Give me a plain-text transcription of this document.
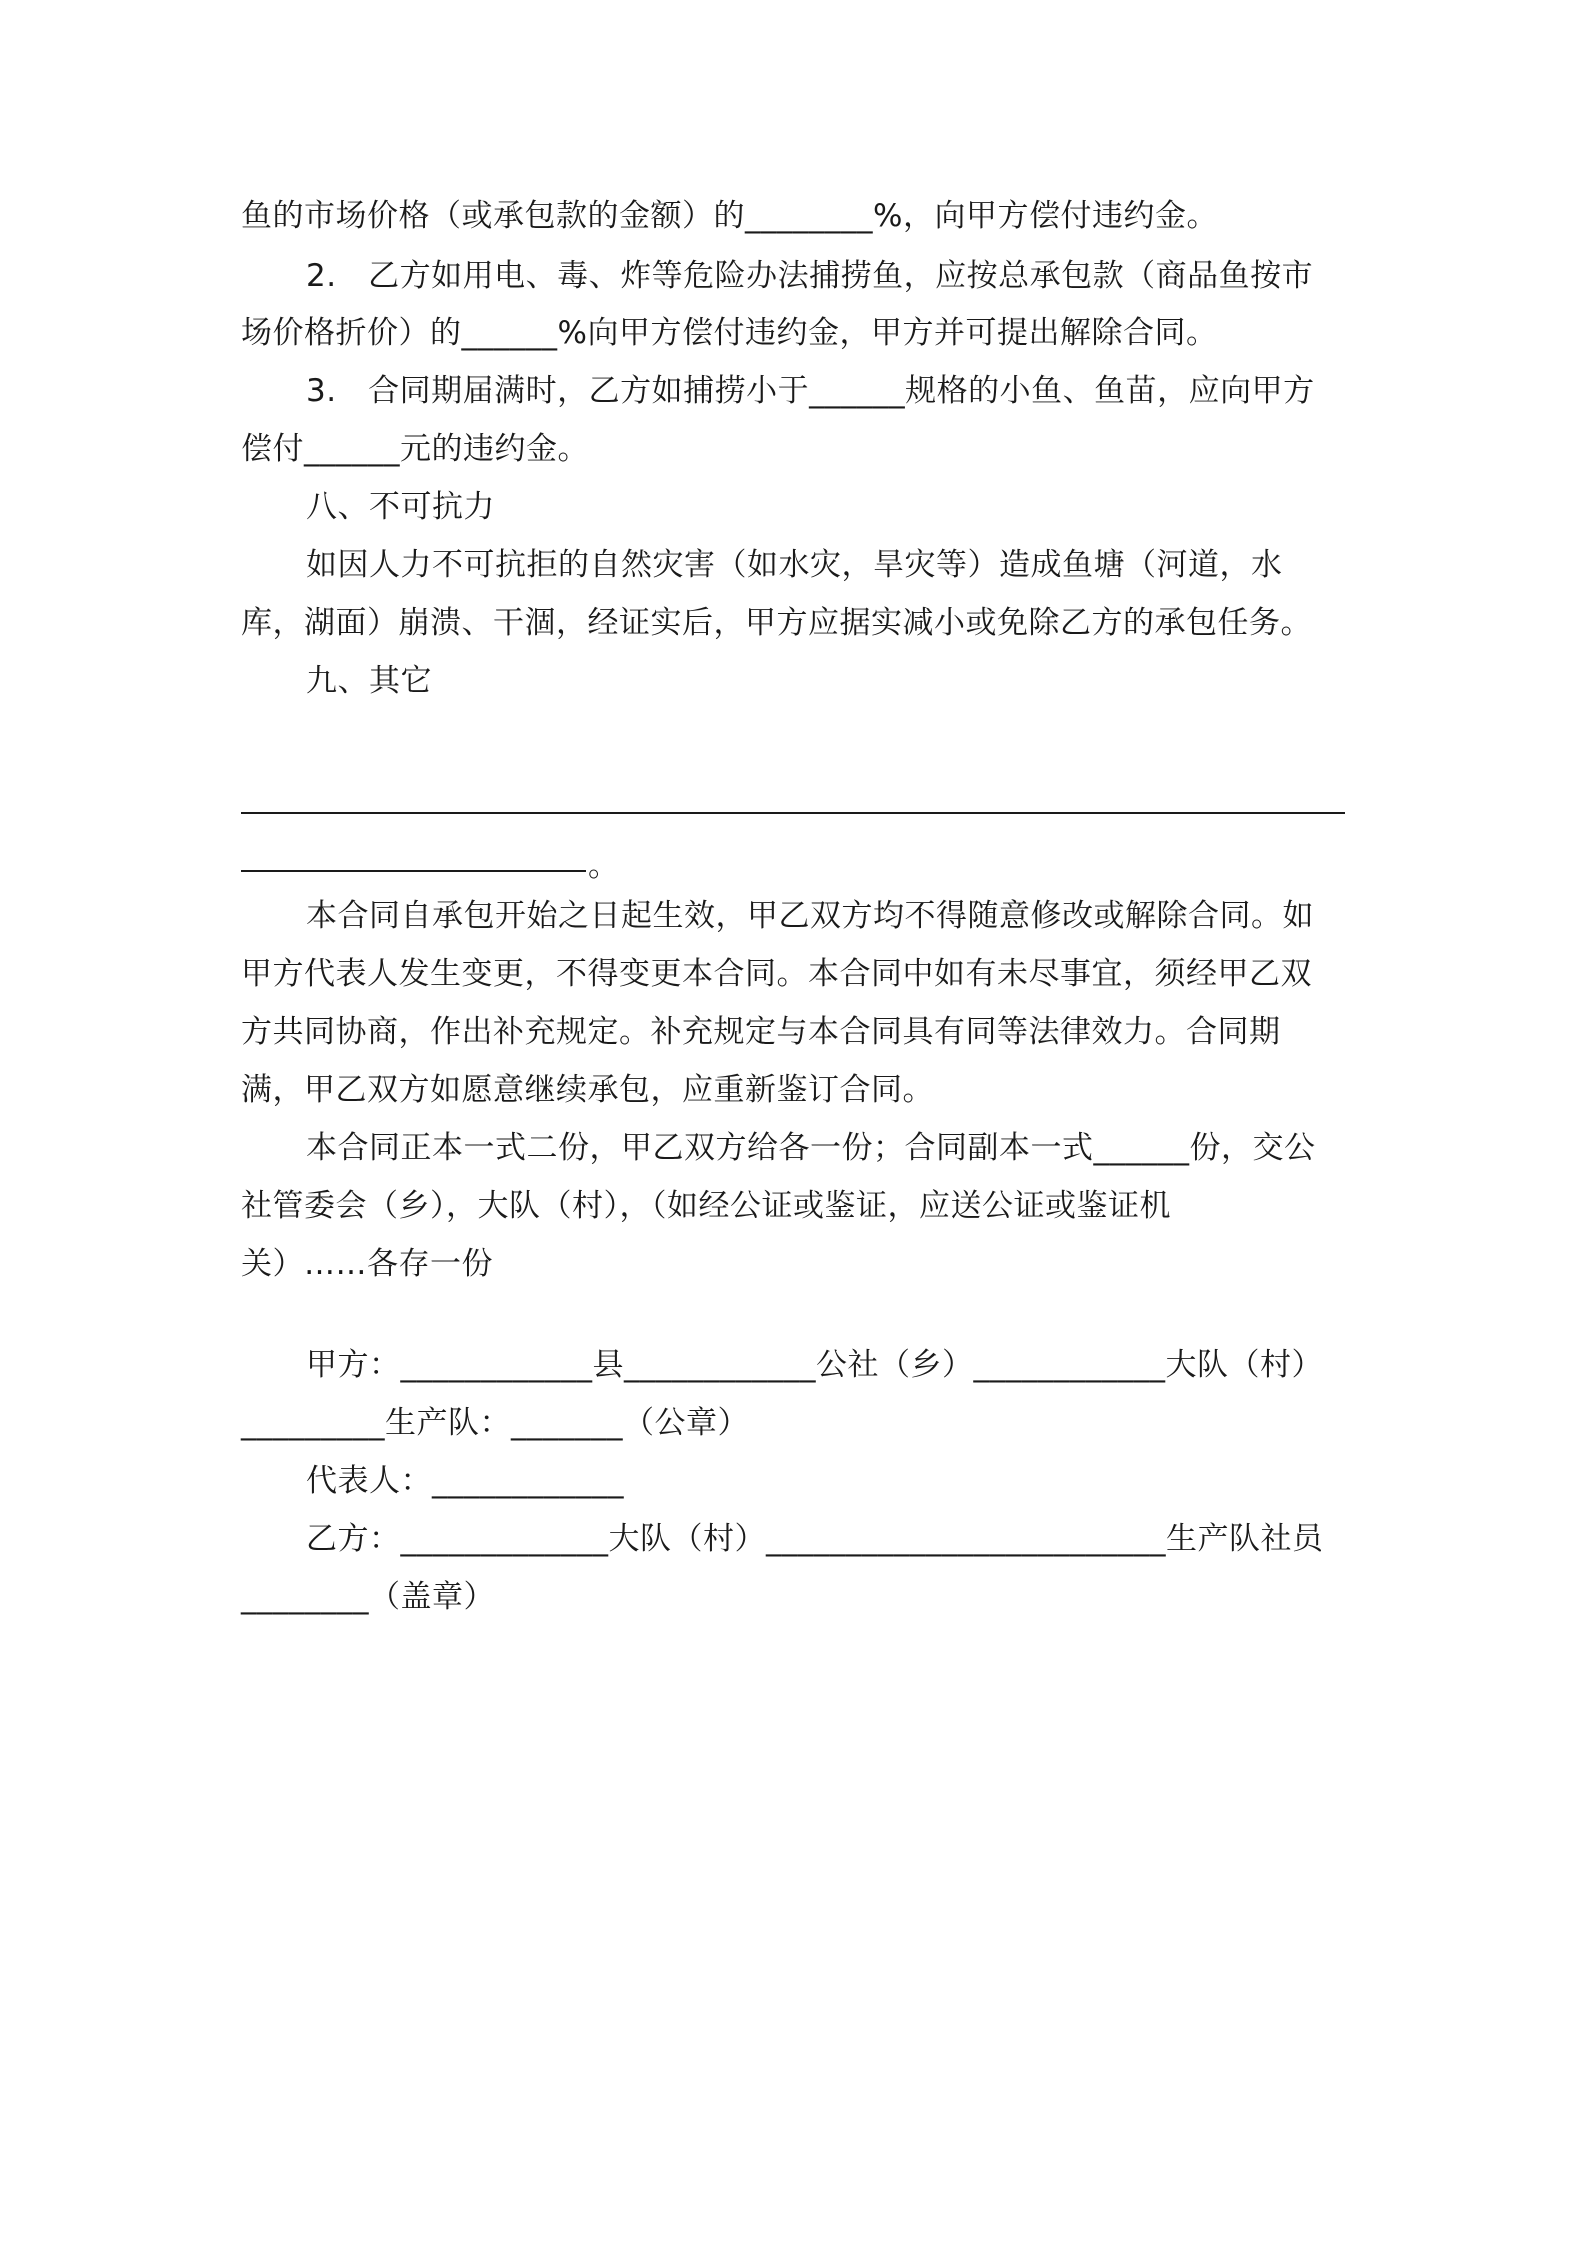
鱼的市场价格（或承包款的金额）的________%，向甲方偿付违约金。
2.　乙方如用电、毒、炸等危险办法捕捞鱼，应按总承包款（商品鱼按市
场价格折价）的______%向甲方偿付违约金，甲方并可提出解除合同。
3.　合同期届满时，乙方如捕捞小于______规格的小鱼、鱼苗，应向甲方
偿付______元的违约金。
八、不可抗力
如因人力不可抗拒的自然灾害（如水灾，旱灾等）造成鱼塘（河道，水
库，湖面）崩溃、干涸，经证实后，甲方应据实减小或免除乙方的承包任务。
九、其它
。
本合同自承包开始之日起生效，甲乙双方均不得随意修改或解除合同。如
甲方代表人发生变更，不得变更本合同。本合同中如有未尽事宜，须经甲乙双
方共同协商，作出补充规定。补充规定与本合同具有同等法律效力。合同期
满，甲乙双方如愿意继续承包，应重新鉴订合同。
本合同正本一式二份，甲乙双方给各一份；合同副本一式______份，交公
社管委会（乡），大队（村），（如经公证或鉴证，应送公证或鉴证机
关）……各存一份
甲方：____________县____________公社（乡）____________大队（村）
_________生产队：_______（公章）
代表人：____________
乙方：_____________大队（村）_________________________生产队社员
________（盖章）
